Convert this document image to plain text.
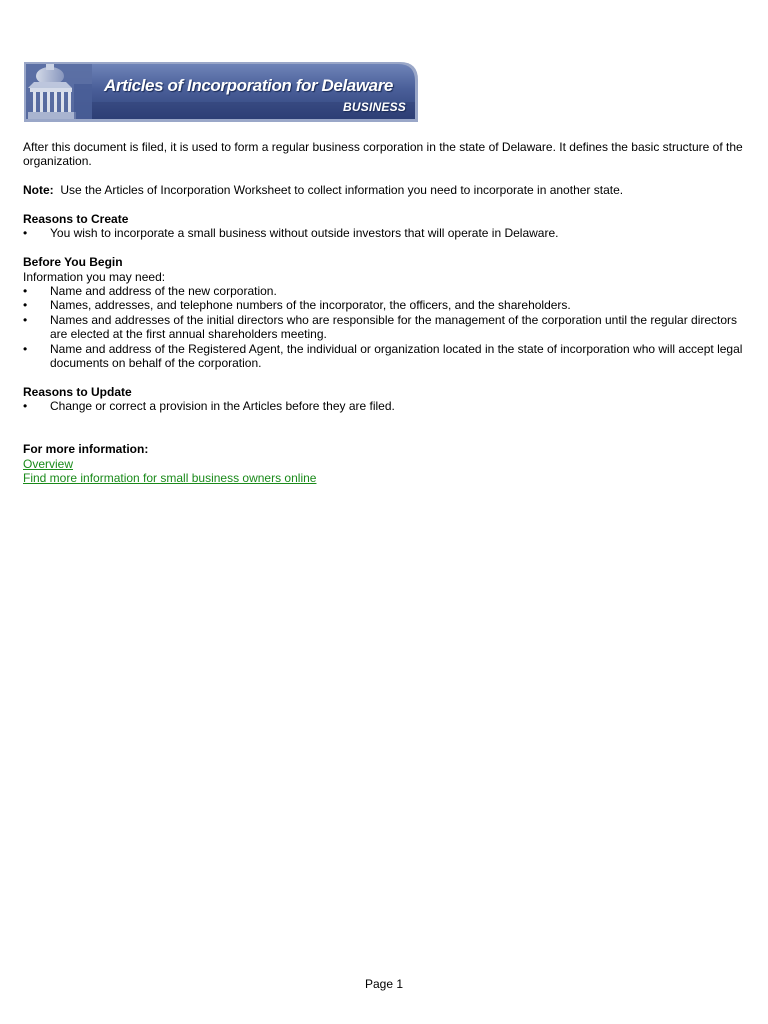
Articles of Incorporation for Delaware
BUSINESS

After this document is filed, it is used to form a regular business corporation in the state of Delaware. It defines the basic structure of the organization.

Note: Use the Articles of Incorporation Worksheet to collect information you need to incorporate in another state.

Reasons to Create

• You wish to incorporate a small business without outside investors that will operate in Delaware.

Before You Begin

Information you may need:

• Name and address of the new corporation.
• Names, addresses, and telephone numbers of the incorporator, the officers, and the shareholders.
• Names and addresses of the initial directors who are responsible for the management of the corporation until the regular directors are elected at the first annual shareholders meeting.
• Name and address of the Registered Agent, the individual or organization located in the state of incorporation who will accept legal documents on behalf of the corporation.

Reasons to Update

• Change or correct a provision in the Articles before they are filed.

For more information:

Overview
Find more information for small business owners online
Page 1
